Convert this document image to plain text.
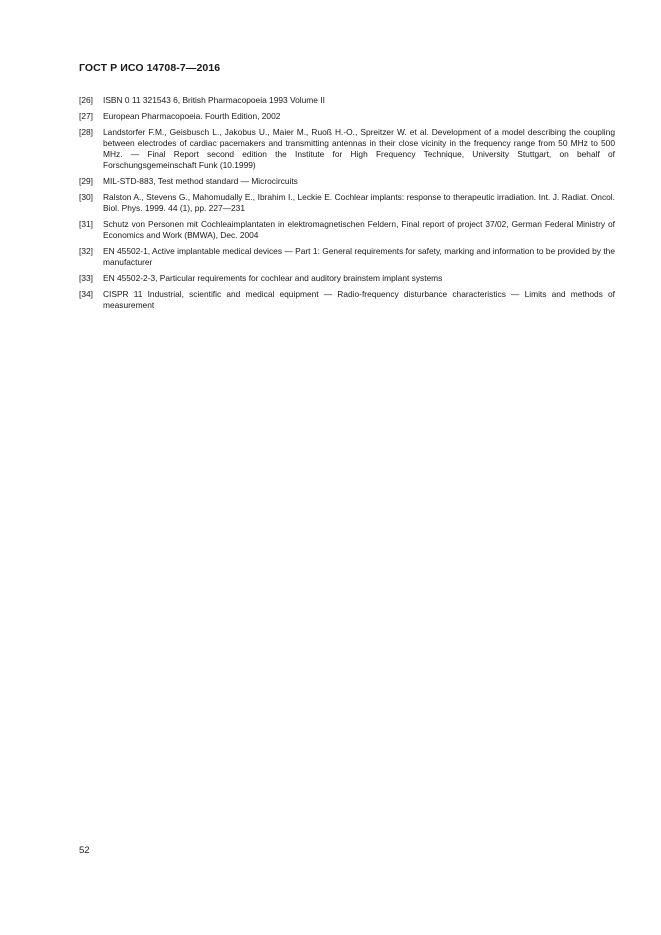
ГОСТ Р ИСО 14708-7—2016
[26]	ISBN 0 11 321543 6, British Pharmacopoeia 1993 Volume II
[27]	European Pharmacopoeia. Fourth Edition, 2002
[28]	Landstorfer F.M., Geisbusch L., Jakobus U., Maier M., Ruoß H.-O., Spreitzer W. et al. Development of a model describing the coupling between electrodes of cardiac pacemakers and transmitting antennas in their close vicinity in the frequency range from 50 MHz to 500 MHz. — Final Report second edition the Institute for High Frequency Technique, University Stuttgart, on behalf of Forschungsgemeinschaft Funk (10.1999)
[29]	MIL-STD-883, Test method standard — Microcircuits
[30]	Ralston A., Stevens G., Mahomudally E., Ibrahim I., Leckie E. Cochlear implants: response to therapeutic irradiation. Int. J. Radiat. Oncol. Biol. Phys. 1999. 44 (1), pp. 227—231
[31]	Schutz von Personen mit Cochleaimplantaten in elektromagnetischen Feldern, Final report of project 37/02, German Federal Ministry of Economics and Work (BMWA), Dec. 2004
[32]	EN 45502-1, Active implantable medical devices — Part 1: General requirements for safety, marking and information to be provided by the manufacturer
[33]	EN 45502-2-3, Particular requirements for cochlear and auditory brainstem implant systems
[34]	CISPR 11 Industrial, scientific and medical equipment — Radio-frequency disturbance characteristics — Limits and methods of measurement
52
